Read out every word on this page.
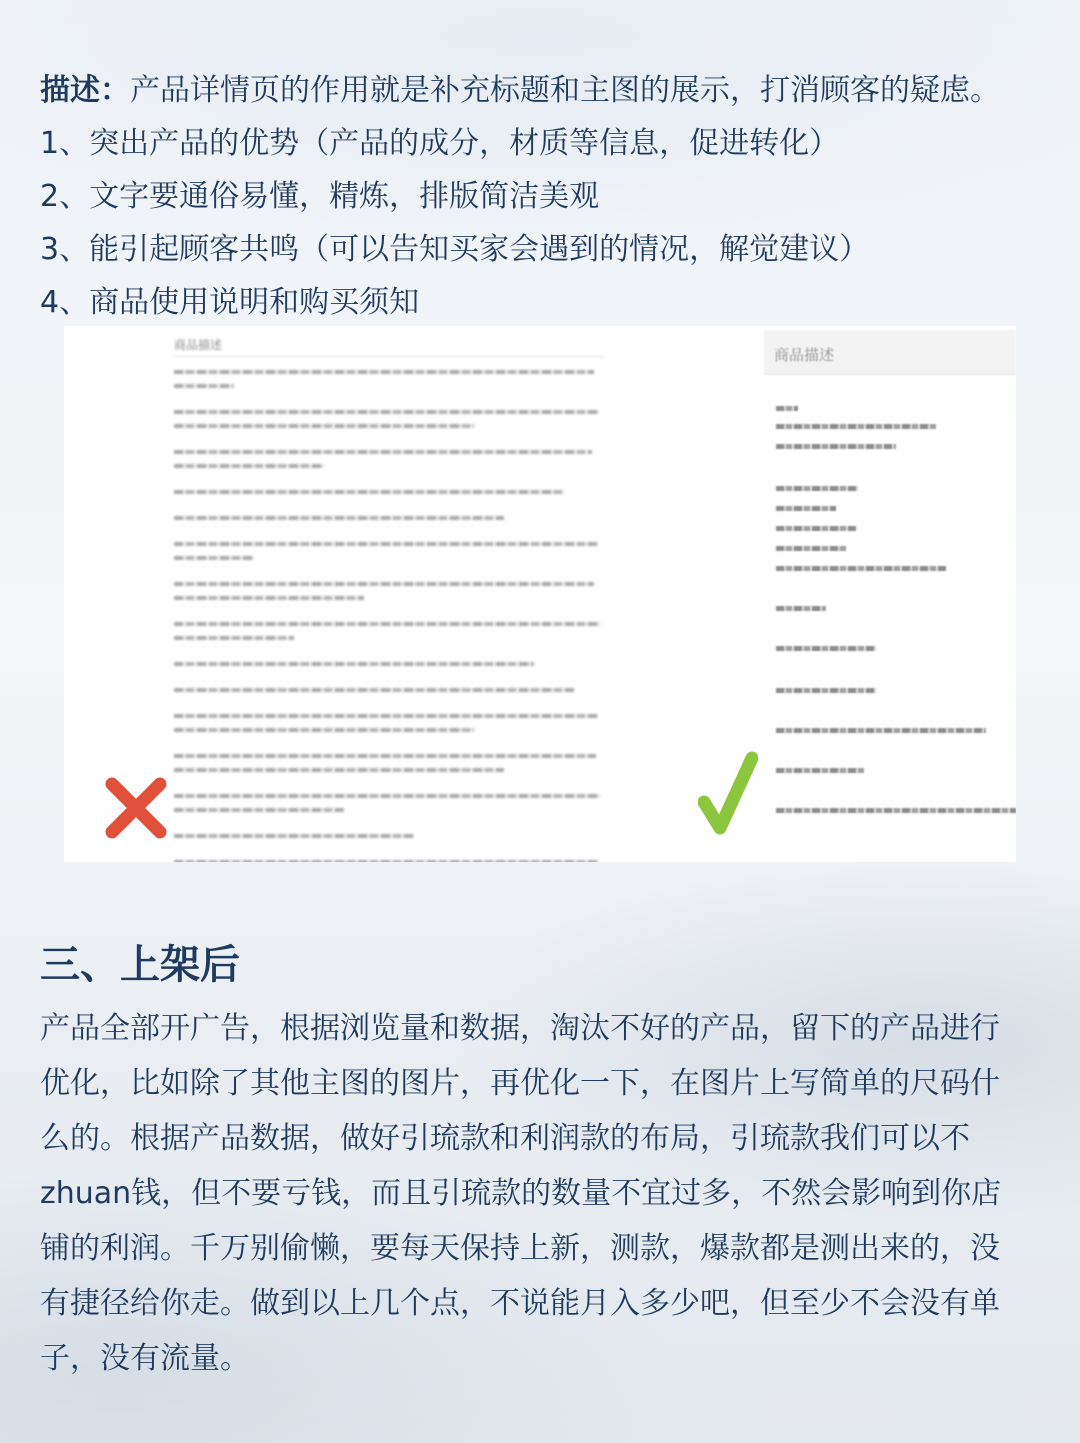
描述：产品详情页的作用就是补充标题和主图的展示，打消顾客的疑虑。
1、突出产品的优势（产品的成分，材质等信息，促进转化）
2、文字要通俗易懂，精炼，排版简洁美观
3、能引起顾客共鸣（可以告知买家会遇到的情况，解觉建议）
4、商品使用说明和购买须知
商品描述
商品描述
三、上架后
产品全部开广告，根据浏览量和数据，淘汰不好的产品，留下的产品进行
优化，比如除了其他主图的图片，再优化一下，在图片上写简单的尺码什
么的。根据产品数据，做好引琉款和利润款的布局，引琉款我们可以不
zhuan钱，但不要亏钱，而且引琉款的数量不宜过多，不然会影响到你店
铺的利润。千万别偷懒，要每天保持上新，测款，爆款都是测出来的，没
有捷径给你走。做到以上几个点，不说能月入多少吧，但至少不会没有单
子，没有流量。
